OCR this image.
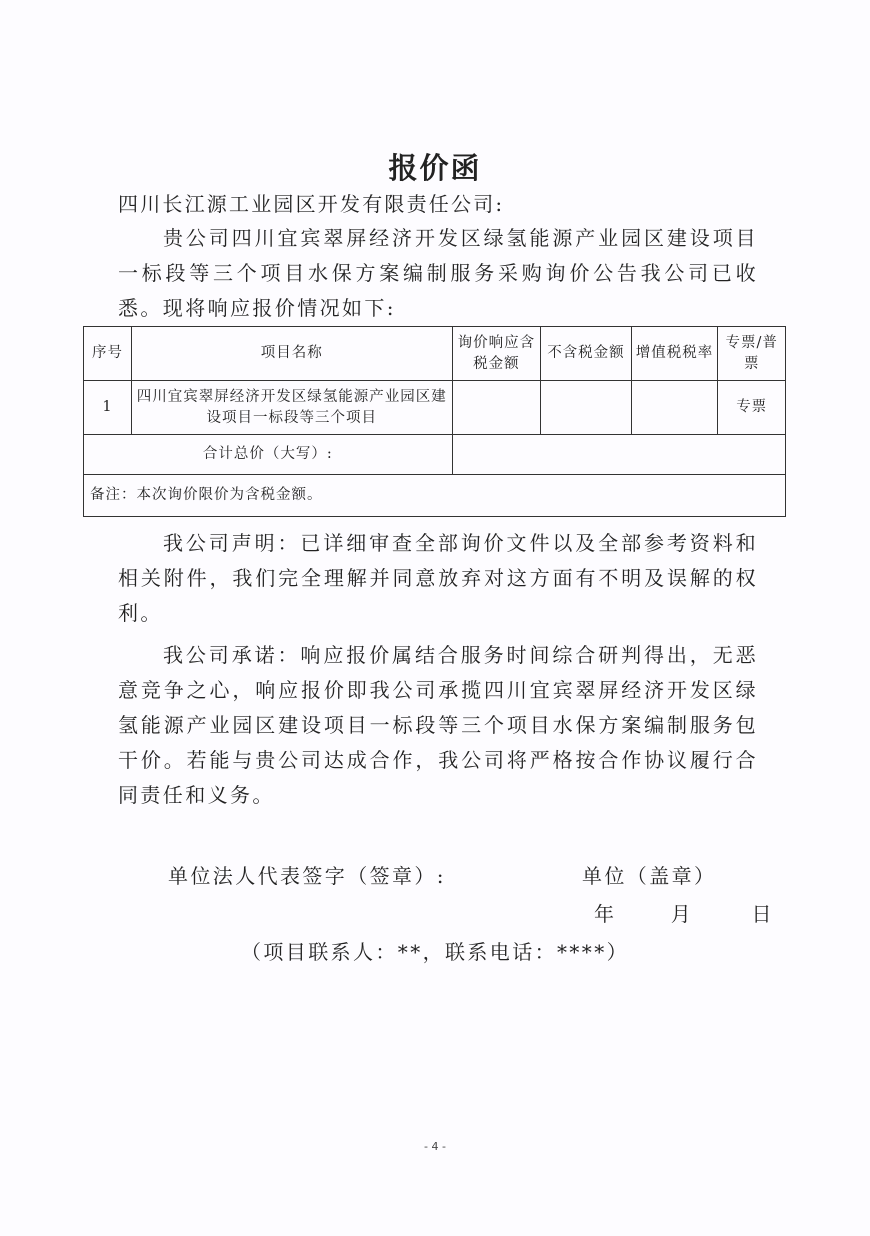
报价函
四川长江源工业园区开发有限责任公司:
贵公司四川宜宾翠屏经济开发区绿氢能源产业园区建设项目一标段等三个项目水保方案编制服务采购询价公告我公司已收悉。现将响应报价情况如下:
序号	项目名称	询价响应含税金额	不含税金额	增值税税率	专票/普票
1	四川宜宾翠屏经济开发区绿氢能源产业园区建设项目一标段等三个项目				专票
合计总价（大写）:					
备注：本次询价限价为含税金额。					
我公司声明：已详细审查全部询价文件以及全部参考资料和相关附件，我们完全理解并同意放弃对这方面有不明及误解的权利。
我公司承诺：响应报价属结合服务时间综合研判得出，无恶意竞争之心，响应报价即我公司承揽四川宜宾翠屏经济开发区绿氢能源产业园区建设项目一标段等三个项目水保方案编制服务包干价。若能与贵公司达成合作，我公司将严格按合作协议履行合同责任和义务。
单位法人代表签字（签章）:	单位（盖章）
年	月	日
（项目联系人：**，联系电话：****）
- 4 -
